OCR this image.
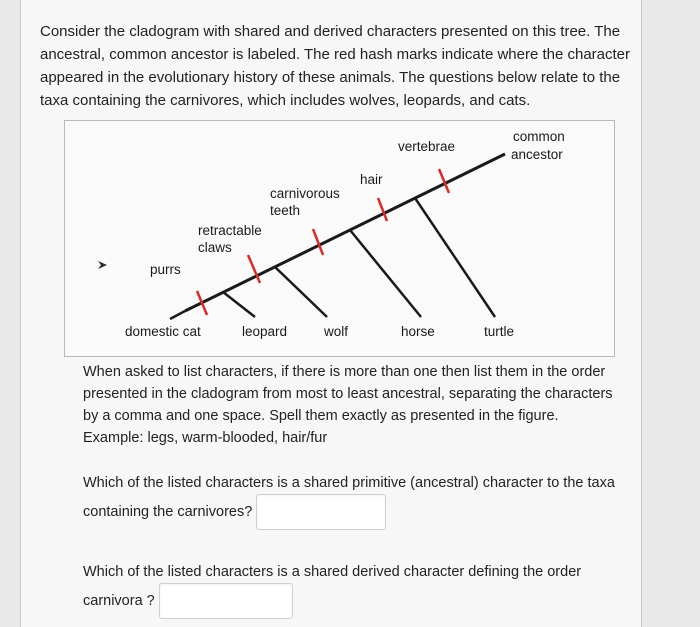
Consider the cladogram with shared and derived characters presented on this tree. The ancestral, common ancestor is labeled. The red hash marks indicate where the character appeared in the evolutionary history of these animals. The questions below relate to the taxa containing the carnivores, which includes wolves, leopards, and cats.
purrs
retractable
claws
carnivorous
teeth
hair
vertebrae
common
ancestor
domestic cat	leopard	wolf	horse	turtle
When asked to list characters, if there is more than one then list them in the order presented in the cladogram from most to least ancestral, separating the characters by a comma and one space. Spell them exactly as presented in the figure. Example: legs, warm-blooded, hair/fur
Which of the listed characters is a shared primitive (ancestral) character to the taxa containing the carnivores?
Which of the listed characters is a shared derived character defining the order carnivora ?
